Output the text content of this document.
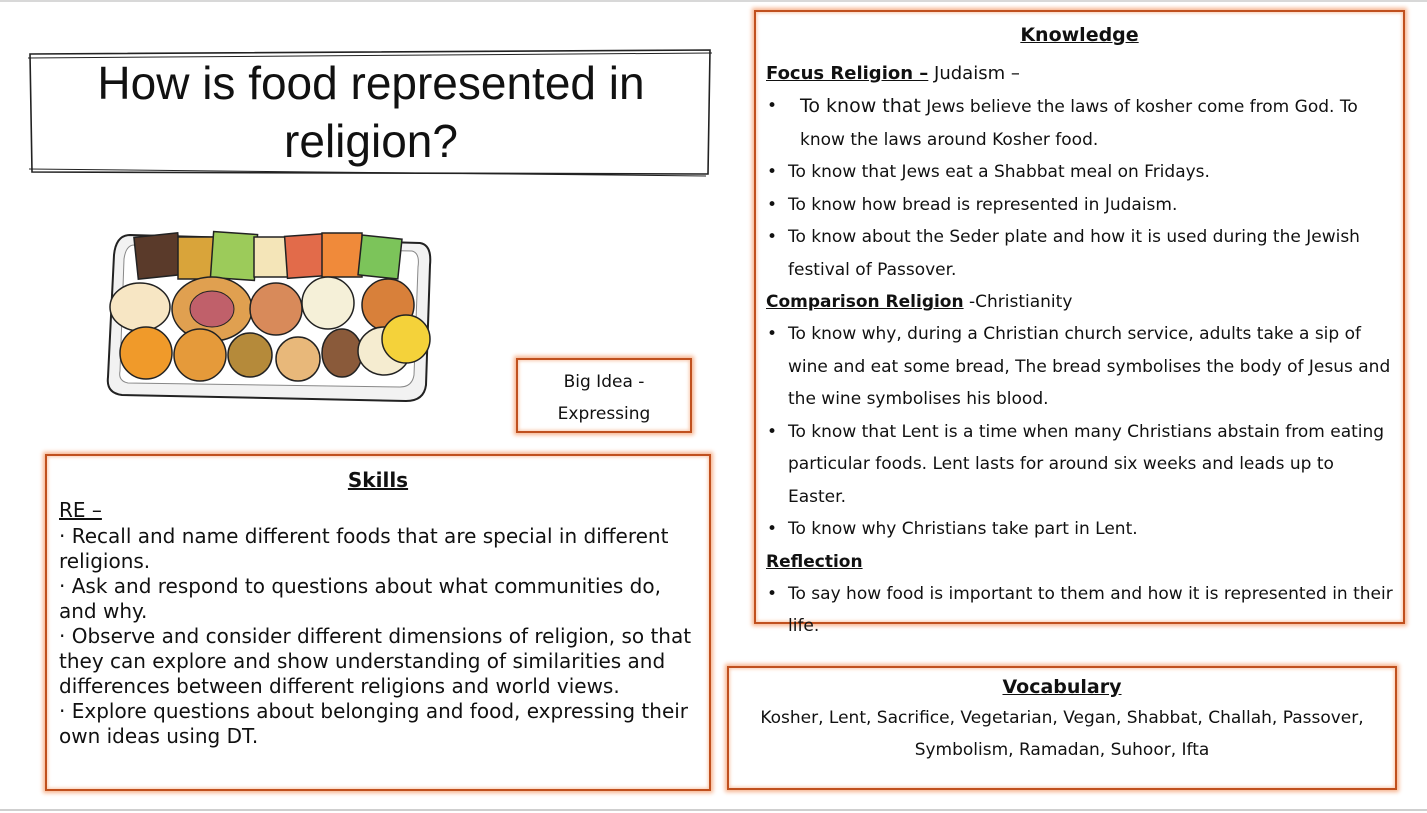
How is food represented in religion?
Big Idea -
Expressing
Knowledge
Focus Religion – Judaism –
• To know that Jews believe the laws of kosher come from God. To know the laws around Kosher food.
• To know that Jews eat a Shabbat meal on Fridays.
• To know how bread is represented in Judaism.
• To know about the Seder plate and how it is used during the Jewish festival of Passover.
Comparison Religion -Christianity
• To know why, during a Christian church service, adults take a sip of wine and eat some bread, The bread symbolises the body of Jesus and the wine symbolises his blood.
• To know that Lent is a time when many Christians abstain from eating particular foods. Lent lasts for around six weeks and leads up to Easter.
• To know why Christians take part in Lent.
Reflection
• To say how food is important to them and how it is represented in their life.
Skills
RE –

· Recall and name different foods that are special in different religions.

· Ask and respond to questions about what communities do, and why.

· Observe and consider different dimensions of religion, so that they can explore and show understanding of similarities and differences between different religions and world views.

· Explore questions about belonging and food, expressing their own ideas using DT.

Vocabulary
Kosher, Lent, Sacrifice, Vegetarian, Vegan, Shabbat, Challah, Passover, Symbolism, Ramadan, Suhoor, Ifta
